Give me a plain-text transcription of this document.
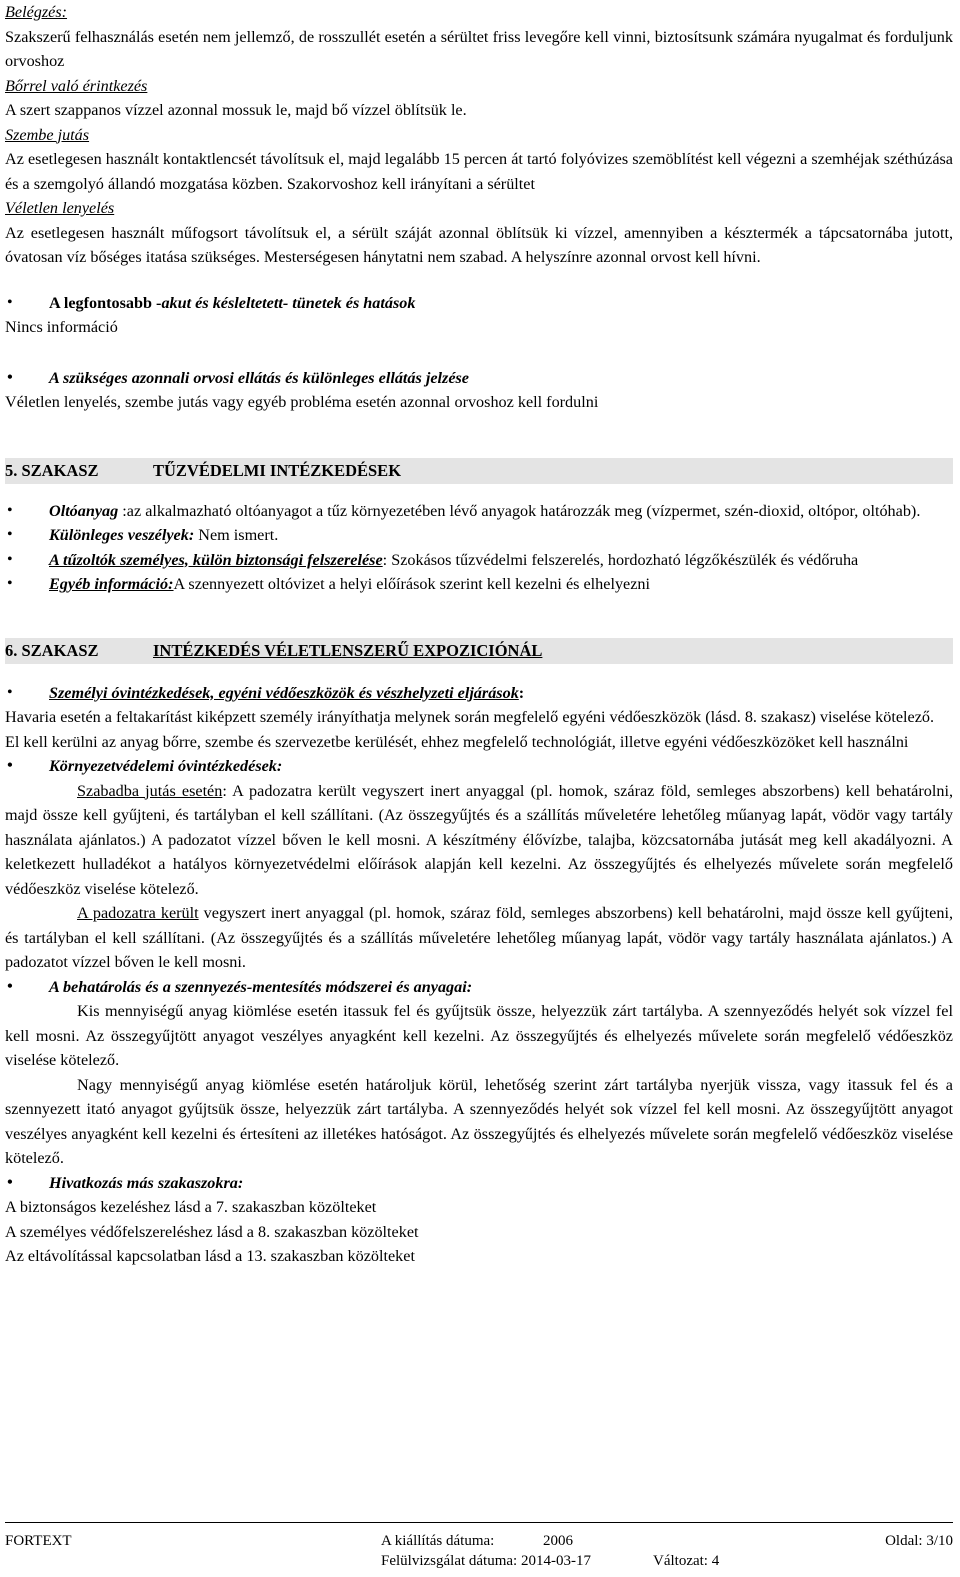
Belégzés:

Szakszerű felhasználás esetén nem jellemző, de rosszullét esetén a sérültet friss levegőre kell vinni, biztosítsunk számára nyugalmat és forduljunk orvoshoz

Bőrrel való érintkezés

A szert szappanos vízzel azonnal mossuk le, majd bő vízzel öblítsük le.

Szembe jutás

Az esetlegesen használt kontaktlencsét távolítsuk el, majd legalább 15 percen át tartó folyóvizes szemöblítést kell végezni a szemhéjak széthúzása és a szemgolyó állandó mozgatása közben. Szakorvoshoz kell irányítani a sérültet

Véletlen lenyelés

Az esetlegesen használt műfogsort távolítsuk el, a sérült száját azonnal öblítsük ki vízzel, amennyiben a késztermék a tápcsatornába jutott, óvatosan víz bőséges itatása szükséges. Mesterségesen hánytatni nem szabad. A helyszínre azonnal orvost kell hívni.

• A legfontosabb -akut és késleltetett- tünetek és hatások

Nincs információ

• A szükséges azonnali orvosi ellátás és különleges ellátás jelzése

Véletlen lenyelés, szembe jutás vagy egyéb probléma esetén azonnal orvoshoz kell fordulni

5. SZAKASZ	TŰZVÉDELMI INTÉZKEDÉSEK

• Oltóanyag :az alkalmazható oltóanyagot a tűz környezetében lévő anyagok határozzák meg (vízpermet, szén-dioxid, oltópor, oltóhab).

• Különleges veszélyek: Nem ismert.

• A tűzoltók személyes, külön biztonsági felszerelése: Szokásos tűzvédelmi felszerelés, hordozható légzőkészülék és védőruha

• Egyéb információ:A szennyezett oltóvizet a helyi előírások szerint kell kezelni és elhelyezni

6. SZAKASZ	INTÉZKEDÉS VÉLETLENSZERŰ EXPOZICIÓNÁL

• Személyi óvintézkedések, egyéni védőeszközök és vészhelyzeti eljárások:

Havaria esetén a feltakarítást kiképzett személy irányíthatja melynek során megfelelő egyéni védőeszközök (lásd. 8. szakasz) viselése kötelező.

El kell kerülni az anyag bőrre, szembe és szervezetbe kerülését, ehhez megfelelő technológiát, illetve egyéni védőeszközöket kell használni

• Környezetvédelemi óvintézkedések:

Szabadba jutás esetén: A padozatra került vegyszert inert anyaggal (pl. homok, száraz föld, semleges abszorbens) kell behatárolni, majd össze kell gyűjteni, és tartályban el kell szállítani. (Az összegyűjtés és a szállítás műveletére lehetőleg műanyag lapát, vödör vagy tartály használata ajánlatos.) A padozatot vízzel bőven le kell mosni. A készítmény élővízbe, talajba, közcsatornába jutását meg kell akadályozni. A keletkezett hulladékot a hatályos környezetvédelmi előírások alapján kell kezelni. Az összegyűjtés és elhelyezés művelete során megfelelő védőeszköz viselése kötelező.

A padozatra került vegyszert inert anyaggal (pl. homok, száraz föld, semleges abszorbens) kell behatárolni, majd össze kell gyűjteni, és tartályban el kell szállítani. (Az összegyűjtés és a szállítás műveletére lehetőleg műanyag lapát, vödör vagy tartály használata ajánlatos.) A padozatot vízzel bőven le kell mosni.

• A behatárolás és a szennyezés-mentesítés módszerei és anyagai:

Kis mennyiségű anyag kiömlése esetén itassuk fel és gyűjtsük össze, helyezzük zárt tartályba. A szennyeződés helyét sok vízzel fel kell mosni. Az összegyűjtött anyagot veszélyes anyagként kell kezelni. Az összegyűjtés és elhelyezés művelete során megfelelő védőeszköz viselése kötelező.

Nagy mennyiségű anyag kiömlése esetén határoljuk körül, lehetőség szerint zárt tartályba nyerjük vissza, vagy itassuk fel és a szennyezett itató anyagot gyűjtsük össze, helyezzük zárt tartályba. A szennyeződés helyét sok vízzel fel kell mosni. Az összegyűjtött anyagot veszélyes anyagként kell kezelni és értesíteni az illetékes hatóságot. Az összegyűjtés és elhelyezés művelete során megfelelő védőeszköz viselése kötelező.

• Hivatkozás más szakaszokra:

A biztonságos kezeléshez lásd a 7. szakaszban közölteket

A személyes védőfelszereléshez lásd a 8. szakaszban közölteket

Az eltávolítással kapcsolatban lásd a 13. szakaszban közölteket

FORTEXT	A kiállítás dátuma:	2006	Oldal: 3/10
Felülvizsgálat dátuma: 2014-03-17	Változat: 4
